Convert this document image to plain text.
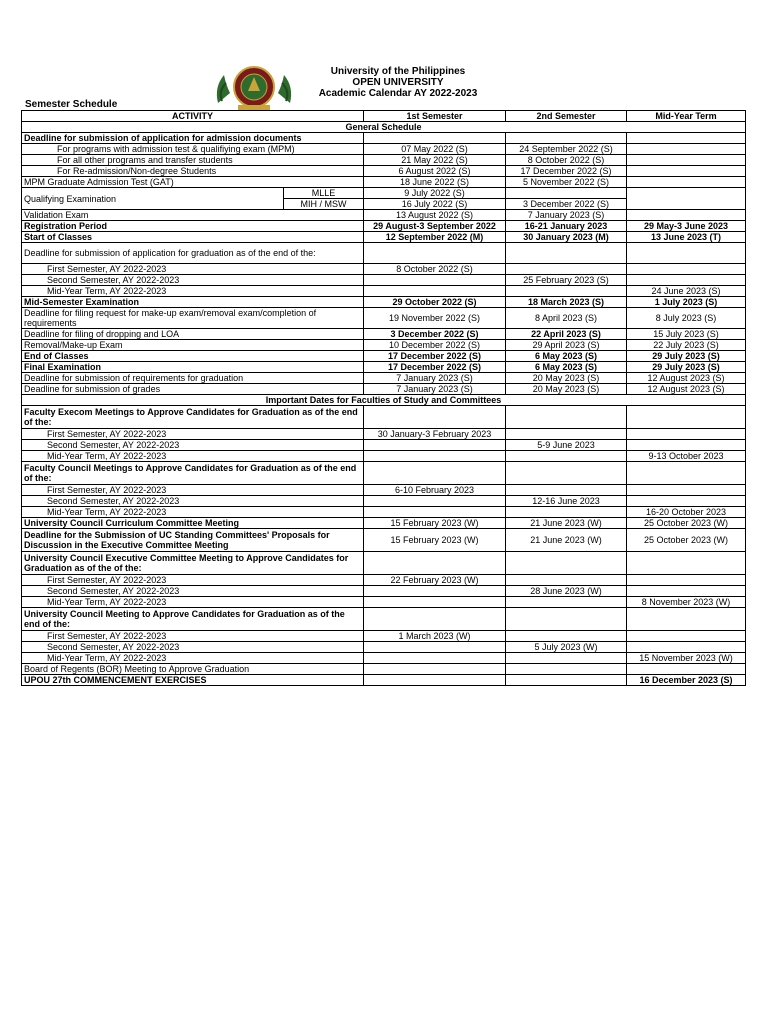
University of the Philippines
OPEN UNIVERSITY
Academic Calendar AY 2022-2023
Semester Schedule
ACTIVITY		1st Semester	2nd Semester	Mid-Year Term
General Schedule				
Deadline for submission of application for admission documents				
For programs with admission test & qualifiying exam (MPM)		07 May 2022 (S)	24 September 2022 (S)	
For all other programs and transfer students		21 May 2022 (S)	8 October 2022 (S)	
For Re-admission/Non-degree Students		6 August 2022 (S)	17 December 2022 (S)	
MPM Graduate Admission Test (GAT)		18 June 2022 (S)	5 November 2022 (S)	
Qualifying Examination	MLLE	9 July 2022 (S)		
	MIH / MSW	16 July 2022 (S)	3 December 2022 (S)	
Validation Exam		13 August 2022 (S)	7 January 2023 (S)	
Registration Period		29 August-3 September 2022	16-21 January 2023	29 May-3 June 2023
Start of Classes		12 September 2022 (M)	30 January 2023 (M)	13 June 2023 (T)
Deadline for submission of application for graduation as of the end of the:				
First Semester, AY 2022-2023		8 October 2022 (S)		
Second Semester, AY 2022-2023			25 February 2023 (S)	
Mid-Year Term, AY 2022-2023				24 June 2023 (S)
Mid-Semester Examination		29 October 2022 (S)	18 March 2023 (S)	1 July 2023 (S)
Deadline for filing request for make-up exam/removal exam/completion of requirements		19 November 2022 (S)	8 April 2023 (S)	8 July 2023 (S)
Deadline for filing of dropping and LOA		3 December 2022 (S)	22 April 2023 (S)	15 July 2023 (S)
Removal/Make-up Exam		10 December 2022 (S)	29 April 2023 (S)	22 July 2023 (S)
End of Classes		17 December 2022 (S)	6 May 2023 (S)	29 July 2023 (S)
Final Examination		17 December 2022 (S)	6 May 2023 (S)	29 July 2023 (S)
Deadline for submission of requirements for graduation		7 January 2023 (S)	20 May 2023 (S)	12 August 2023 (S)
Deadline for submission of grades		7 January 2023 (S)	20 May 2023 (S)	12 August 2023 (S)
Important Dates for Faculties of Study and Committees				
Faculty Execom Meetings to Approve Candidates for Graduation as of the end of the:				
First Semester, AY 2022-2023		30 January-3 February 2023		
Second Semester, AY 2022-2023			5-9 June 2023	
Mid-Year Term, AY 2022-2023				9-13 October 2023
Faculty Council Meetings to Approve Candidates for Graduation as of the end of the:				
First Semester, AY 2022-2023		6-10 February 2023		
Second Semester, AY 2022-2023			12-16 June 2023	
Mid-Year Term, AY 2022-2023				16-20 October 2023
University Council Curriculum Committee Meeting		15 February 2023 (W)	21 June 2023 (W)	25 October 2023 (W)
Deadline for the Submission of UC Standing Committees' Proposals for Discussion in the Executive Committee Meeting		15 February 2023 (W)	21 June 2023 (W)	25 October 2023 (W)
University Council Executive Committee Meeting to Approve Candidates for Graduation as of the of the:				
First Semester, AY 2022-2023		22 February 2023 (W)		
Second Semester, AY 2022-2023			28 June 2023 (W)	
Mid-Year Term, AY 2022-2023				8 November 2023 (W)
University Council Meeting to Approve Candidates for Graduation as of the end of the:				
First Semester, AY 2022-2023		1 March 2023 (W)		
Second Semester, AY 2022-2023			5 July 2023 (W)	
Mid-Year Term, AY 2022-2023				15 November 2023 (W)
Board of Regents (BOR) Meeting to Approve Graduation				
UPOU 27th COMMENCEMENT EXERCISES				16 December 2023 (S)
